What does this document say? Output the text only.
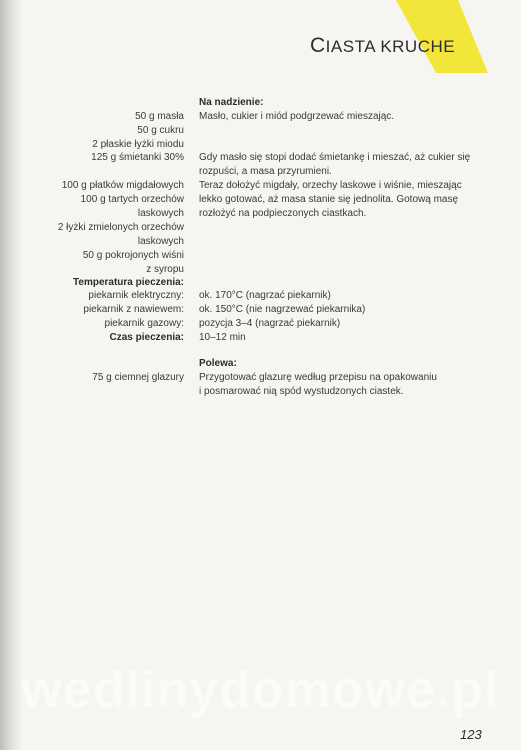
CIASTA KRUCHE
Na nadzienie:
Masło, cukier i miód podgrzewać mieszając.
Gdy masło się stopi dodać śmietankę i mieszać, aż cukier się
rozpuści, a masa przyrumieni.
Teraz dołożyć migdały, orzechy laskowe i wiśnie, mieszając
lekko gotować, aż masa stanie się jednolita. Gotową masę
rozłożyć na podpieczonych ciastkach.
ok. 170°C (nagrzać piekarnik)
ok. 150°C (nie nagrzewać piekarnika)
pozycja 3–4 (nagrzać piekarnik)
10–12 min
Polewa:
Przygotować glazurę według przepisu na opakowaniu
i posmarować nią spód wystudzonych ciastek.
50 g masła
50 g cukru
2 płaskie łyżki miodu
125 g śmietanki 30%
100 g płatków migdałowych
100 g tartych orzechów
laskowych
2 łyżki zmielonych orzechów
laskowych
50 g pokrojonych wiśni
z syropu
Temperatura pieczenia:
piekarnik elektryczny:
piekarnik z nawiewem:
piekarnik gazowy:
Czas pieczenia:
75 g ciemnej glazury
wedlinydomowe.pl
123
